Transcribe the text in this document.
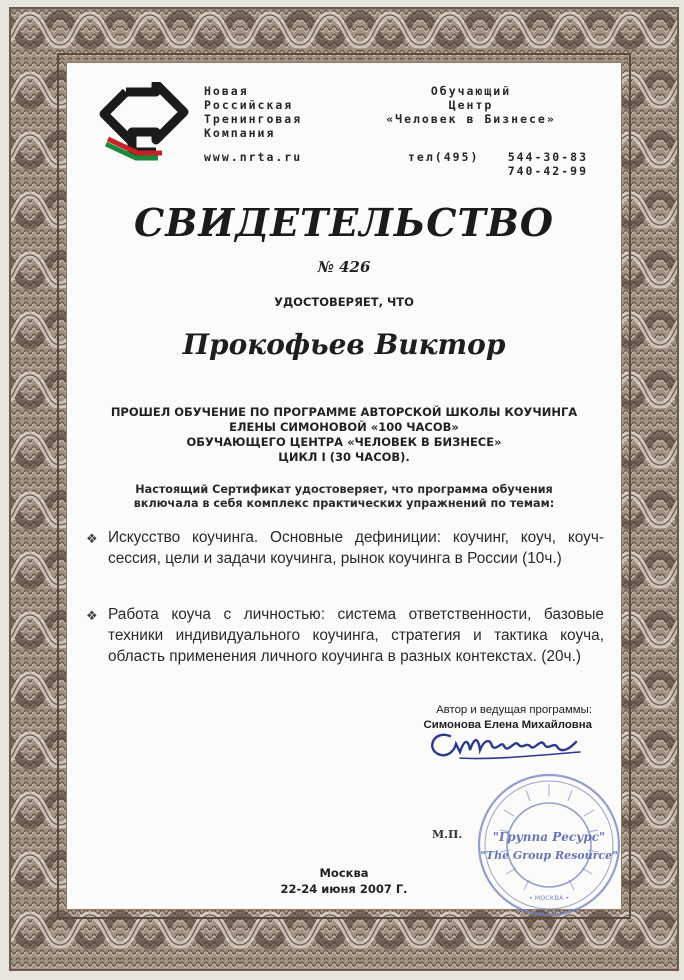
Новая
Российская
Тренинговая
Компания
www.nrta.ru
Обучающий
Центр
«Человек в Бизнесе»
тел(495)	544-30-83
740-42-99
СВИДЕТЕЛЬСТВО
№ 426
УДОСТОВЕРЯЕТ, ЧТО
Прокофьев Виктор
ПРОШЕЛ ОБУЧЕНИЕ ПО ПРОГРАММЕ АВТОРСКОЙ ШКОЛЫ КОУЧИНГА
ЕЛЕНЫ СИМОНОВОЙ «100 ЧАСОВ»
ОБУЧАЮЩЕГО ЦЕНТРА «ЧЕЛОВЕК В БИЗНЕСЕ»
ЦИКЛ I (30 ЧАСОВ).
Настоящий Сертификат удостоверяет, что программа обучения
включала в себя комплекс практических упражнений по темам:
❖ Искусство коучинга. Основные дефиниции: коучинг, коуч, коуч-сессия, цели и задачи коучинга, рынок коучинга в России (10ч.)
❖ Работа коуча с личностью: система ответственности, базовые техники индивидуального коучинга, стратегия и тактика коуча, область применения личного коучинга в разных контекстах. (20ч.)
Автор и ведущая программы:
Симонова Елена Михайловна
М.П.	"Группа Ресурс"
"The Group Resource"
• МОСКВА •
Москва
22-24 июня 2007 Г.
